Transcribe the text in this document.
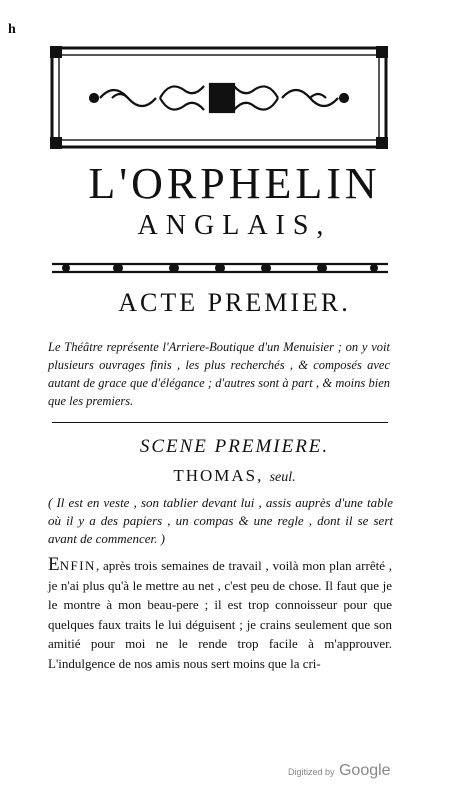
h
L'ORPHELIN
ANGLAIS,
ACTE PREMIER.
Le Théâtre représente l'Arriere-Boutique d'un Menuisier ; on y voit plusieurs ouvrages finis , les plus recherchés , & composés avec autant de grace que d'élégance ; d'autres sont à part , & moins bien que les premiers.
SCENE PREMIERE.
THOMAS, seul.
( Il est en veste , son tablier devant lui , assis auprès d'une table où il y a des papiers , un compas & une regle , dont il se sert avant de commencer. )
ENFIN, après trois semaines de travail , voilà mon plan arrêté , je n'ai plus qu'à le mettre au net , c'est peu de chose. Il faut que je le montre à mon beau-pere ; il est trop connoisseur pour que quelques faux traits le lui déguisent ; je crains seulement que son amitié pour moi ne le rende trop facile à m'approuver. L'indulgence de nos amis nous sert moins que la cri-
Digitized by Google
